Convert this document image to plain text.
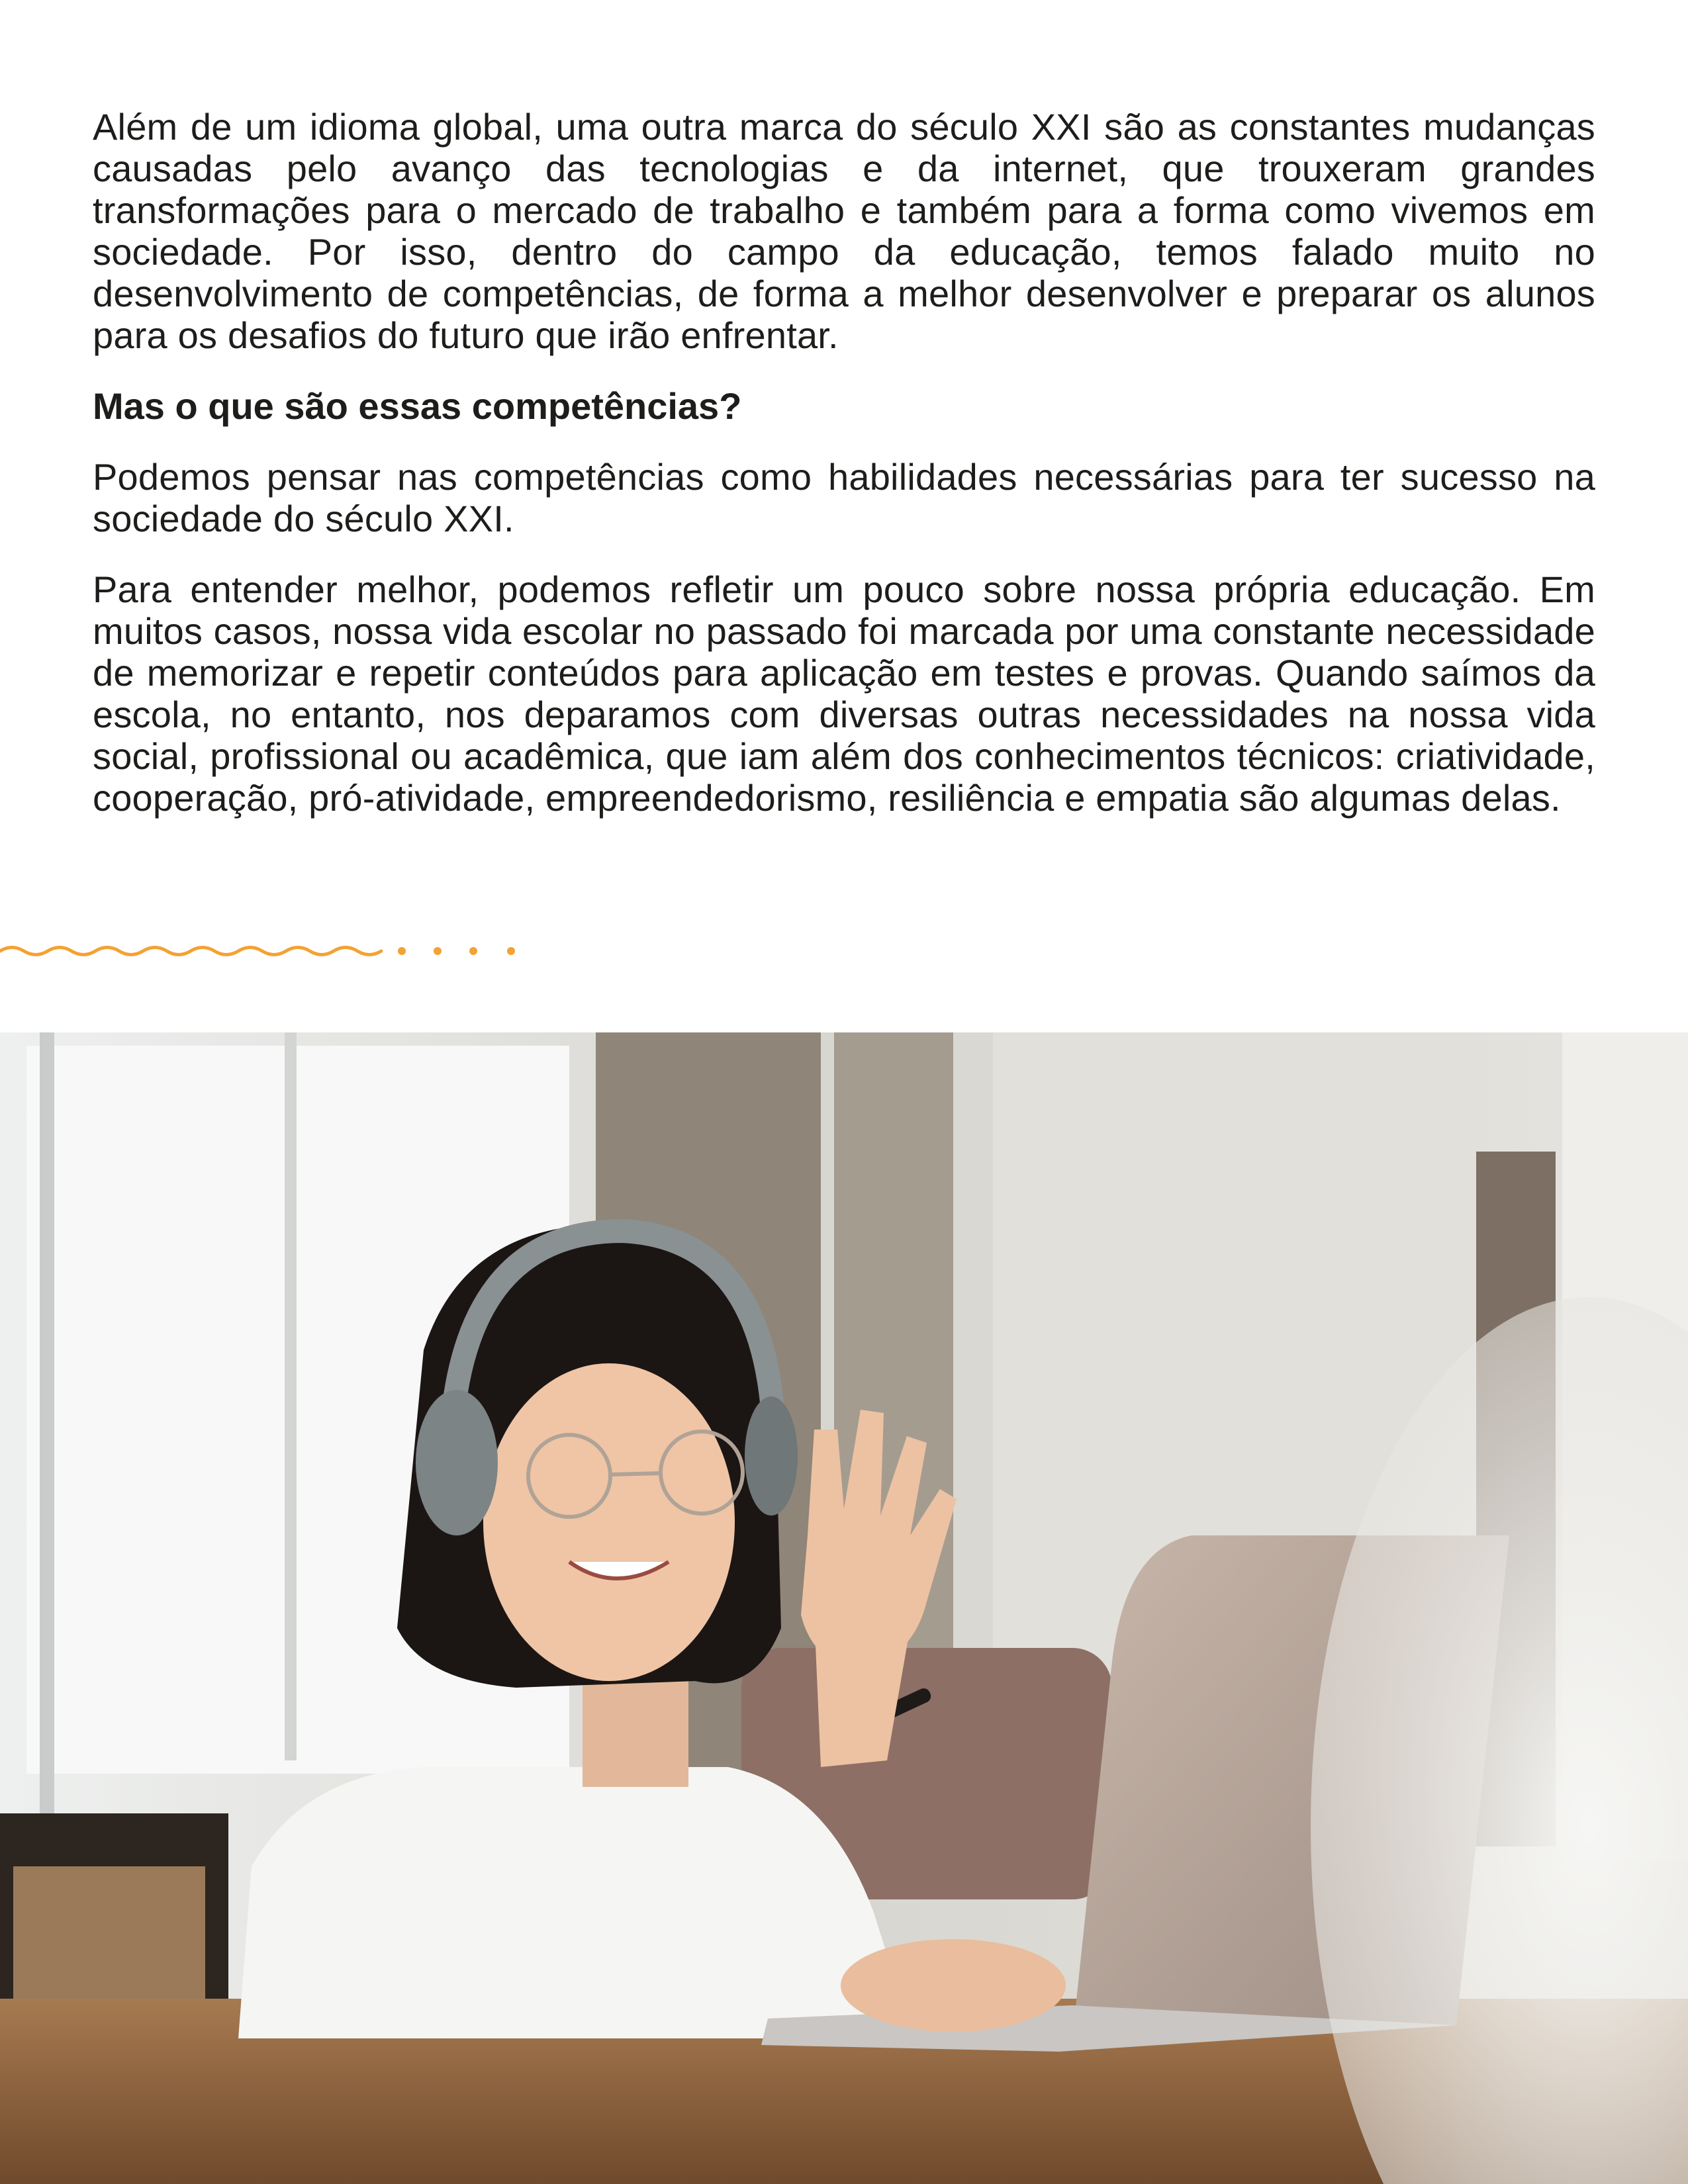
Além de um idioma global, uma outra marca do século XXI são as constantes mudanças causadas pelo avanço das tecnologias e da internet, que trouxeram grandes transformações para o mercado de trabalho e também para a forma como vivemos em sociedade. Por isso, dentro do campo da educação, temos falado muito no desenvolvimento de competências, de forma a melhor desenvolver e preparar os alunos para os desafios do futuro que irão enfrentar.

Mas o que são essas competências?

Podemos pensar nas competências como habilidades necessárias para ter sucesso na sociedade do século XXI.

Para entender melhor, podemos refletir um pouco sobre nossa própria educação. Em muitos casos, nossa vida escolar no passado foi marcada por uma constante necessidade de memorizar e repetir conteúdos para aplicação em testes e provas. Quando saímos da escola, no entanto, nos deparamos com diversas outras necessidades na nossa vida social, profissional ou acadêmica, que iam além dos conhecimentos técnicos: criatividade, cooperação, pró-atividade, empreendedorismo, resiliência e empatia são algumas delas.
